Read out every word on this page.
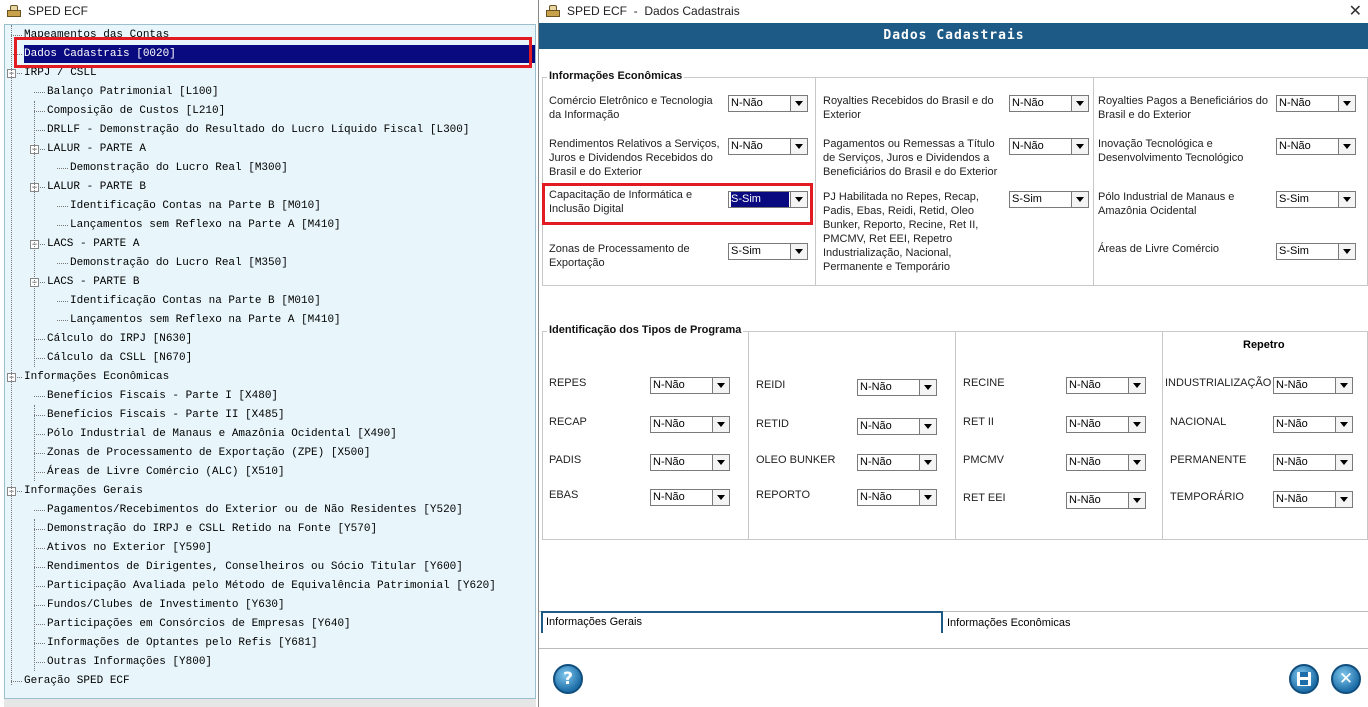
SPED ECF
Mapeamentos das Contas
Dados Cadastrais [0020]
− IRPJ / CSLL
Balanço Patrimonial [L100]
Composição de Custos [L210]
DRLLF - Demonstração do Resultado do Lucro Líquido Fiscal [L300]
− LALUR - PARTE A
Demonstração do Lucro Real [M300]
− LALUR - PARTE B
Identificação Contas na Parte B [M010]
Lançamentos sem Reflexo na Parte A [M410]
− LACS - PARTE A
Demonstração do Lucro Real [M350]
− LACS - PARTE B
Identificação Contas na Parte B [M010]
Lançamentos sem Reflexo na Parte A [M410]
Cálculo do IRPJ [N630]
Cálculo da CSLL [N670]
− Informações Econômicas
Benefícios Fiscais - Parte I [X480]
Benefícios Fiscais - Parte II [X485]
Pólo Industrial de Manaus e Amazônia Ocidental [X490]
Zonas de Processamento de Exportação (ZPE) [X500]
Áreas de Livre Comércio (ALC) [X510]
− Informações Gerais
Pagamentos/Recebimentos do Exterior ou de Não Residentes [Y520]
Demonstração do IRPJ e CSLL Retido na Fonte [Y570]
Ativos no Exterior [Y590]
Rendimentos de Dirigentes, Conselheiros ou Sócio Titular [Y600]
Participação Avaliada pelo Método de Equivalência Patrimonial [Y620]
Fundos/Clubes de Investimento [Y630]
Participações em Consórcios de Empresas [Y640]
Informações de Optantes pelo Refis [Y681]
Outras Informações [Y800]
Geração SPED ECF
SPED ECF  -  Dados Cadastrais	✕
Dados Cadastrais
Informações Econômicas
Comércio Eletrônico e Tecnologia da Informação
N-Não
Rendimentos Relativos a Serviços, Juros e Dividendos Recebidos do Brasil e do Exterior
N-Não
Capacitação de Informática e Inclusão Digital
S-Sim
Zonas de Processamento de Exportação
S-Sim
Royalties Recebidos do Brasil e do Exterior
N-Não
Pagamentos ou Remessas a Título de Serviços, Juros e Dividendos a Beneficiários do Brasil e do Exterior
N-Não
PJ Habilitada no Repes, Recap, Padis, Ebas, Reidi, Retid, Oleo Bunker, Reporto, Recine, Ret II, PMCMV, Ret EEI, Repetro Industrialização, Nacional, Permanente e Temporário
S-Sim
Royalties Pagos a Beneficiários do Brasil e do Exterior
N-Não
Inovação Tecnológica e Desenvolvimento Tecnológico
N-Não
Pólo Industrial de Manaus e Amazônia Ocidental
S-Sim
Áreas de Livre Comércio	S-Sim
Identificação dos Tipos de Programa
Repetro
REPES	N-Não
RECAP	N-Não
PADIS	N-Não
EBAS	N-Não
REIDI	N-Não
RETID	N-Não
OLEO BUNKER N-Não
REPORTO	N-Não
RECINE	N-Não
RET II	N-Não
PMCMV	N-Não
RET EEI	N-Não
INDUSTRIALIZAÇÃO N-Não
NACIONAL	N-Não
PERMANENTE	N-Não
TEMPORÁRIO	N-Não
Informações Gerais	Informações Econômicas
?	✕
